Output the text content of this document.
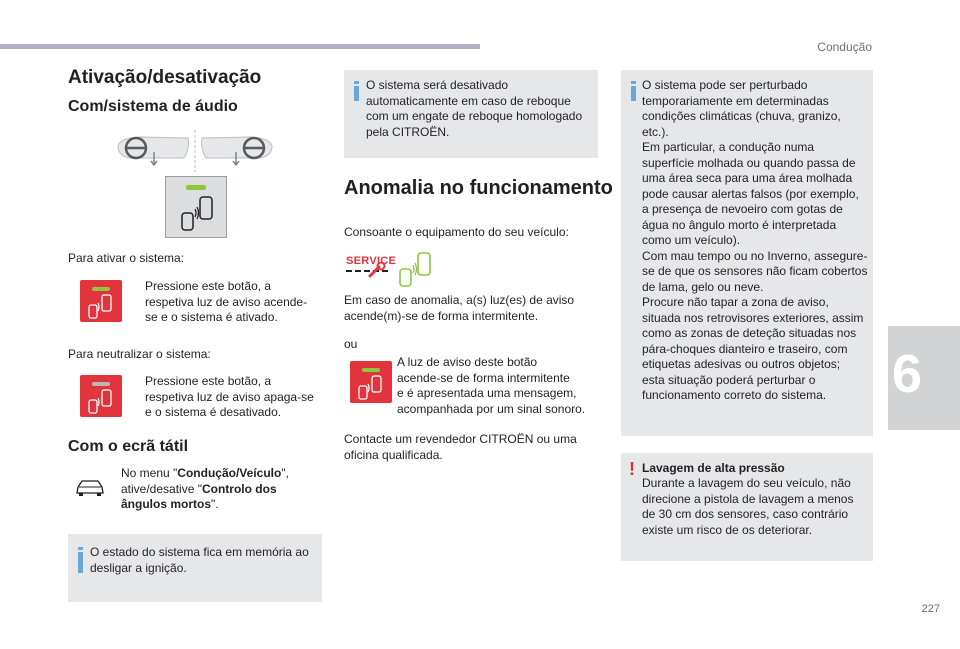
Condução
6
227
Ativação/desativação
Com/sistema de áudio
Para ativar o sistema:
Pressione este botão, a
respetiva luz de aviso acende-
se e o sistema é ativado.
Para neutralizar o sistema:
Pressione este botão, a
respetiva luz de aviso apaga-se
e o sistema é desativado.
Com o ecrã tátil
No menu "Condução/Veículo",
ative/desative "Controlo dos
ângulos mortos".
O estado do sistema fica em memória ao
desligar a ignição.
O sistema será desativado
automaticamente em caso de reboque
com um engate de reboque homologado
pela CITROËN.
Anomalia no funcionamento
Consoante o equipamento do seu veículo:
SERVICE
Em caso de anomalia, a(s) luz(es) de aviso
acende(m)-se de forma intermitente.
ou
A luz de aviso deste botão
acende-se de forma intermitente
e é apresentada uma mensagem,
acompanhada por um sinal sonoro.
Contacte um revendedor CITROËN ou uma
oficina qualificada.
O sistema pode ser perturbado
temporariamente em determinadas
condições climáticas (chuva, granizo,
etc.).
Em particular, a condução numa
superfície molhada ou quando passa de
uma área seca para uma área molhada
pode causar alertas falsos (por exemplo,
a presença de nevoeiro com gotas de
água no ângulo morto é interpretada
como um veículo).
Com mau tempo ou no Inverno, assegure-
se de que os sensores não ficam cobertos
de lama, gelo ou neve.
Procure não tapar a zona de aviso,
situada nos retrovisores exteriores, assim
como as zonas de deteção situadas nos
pára-choques dianteiro e traseiro, com
etiquetas adesivas ou outros objetos;
esta situação poderá perturbar o
funcionamento correto do sistema.
! Lavagem de alta pressão
Durante a lavagem do seu veículo, não
direcione a pistola de lavagem a menos
de 30 cm dos sensores, caso contrário
existe um risco de os deteriorar.
